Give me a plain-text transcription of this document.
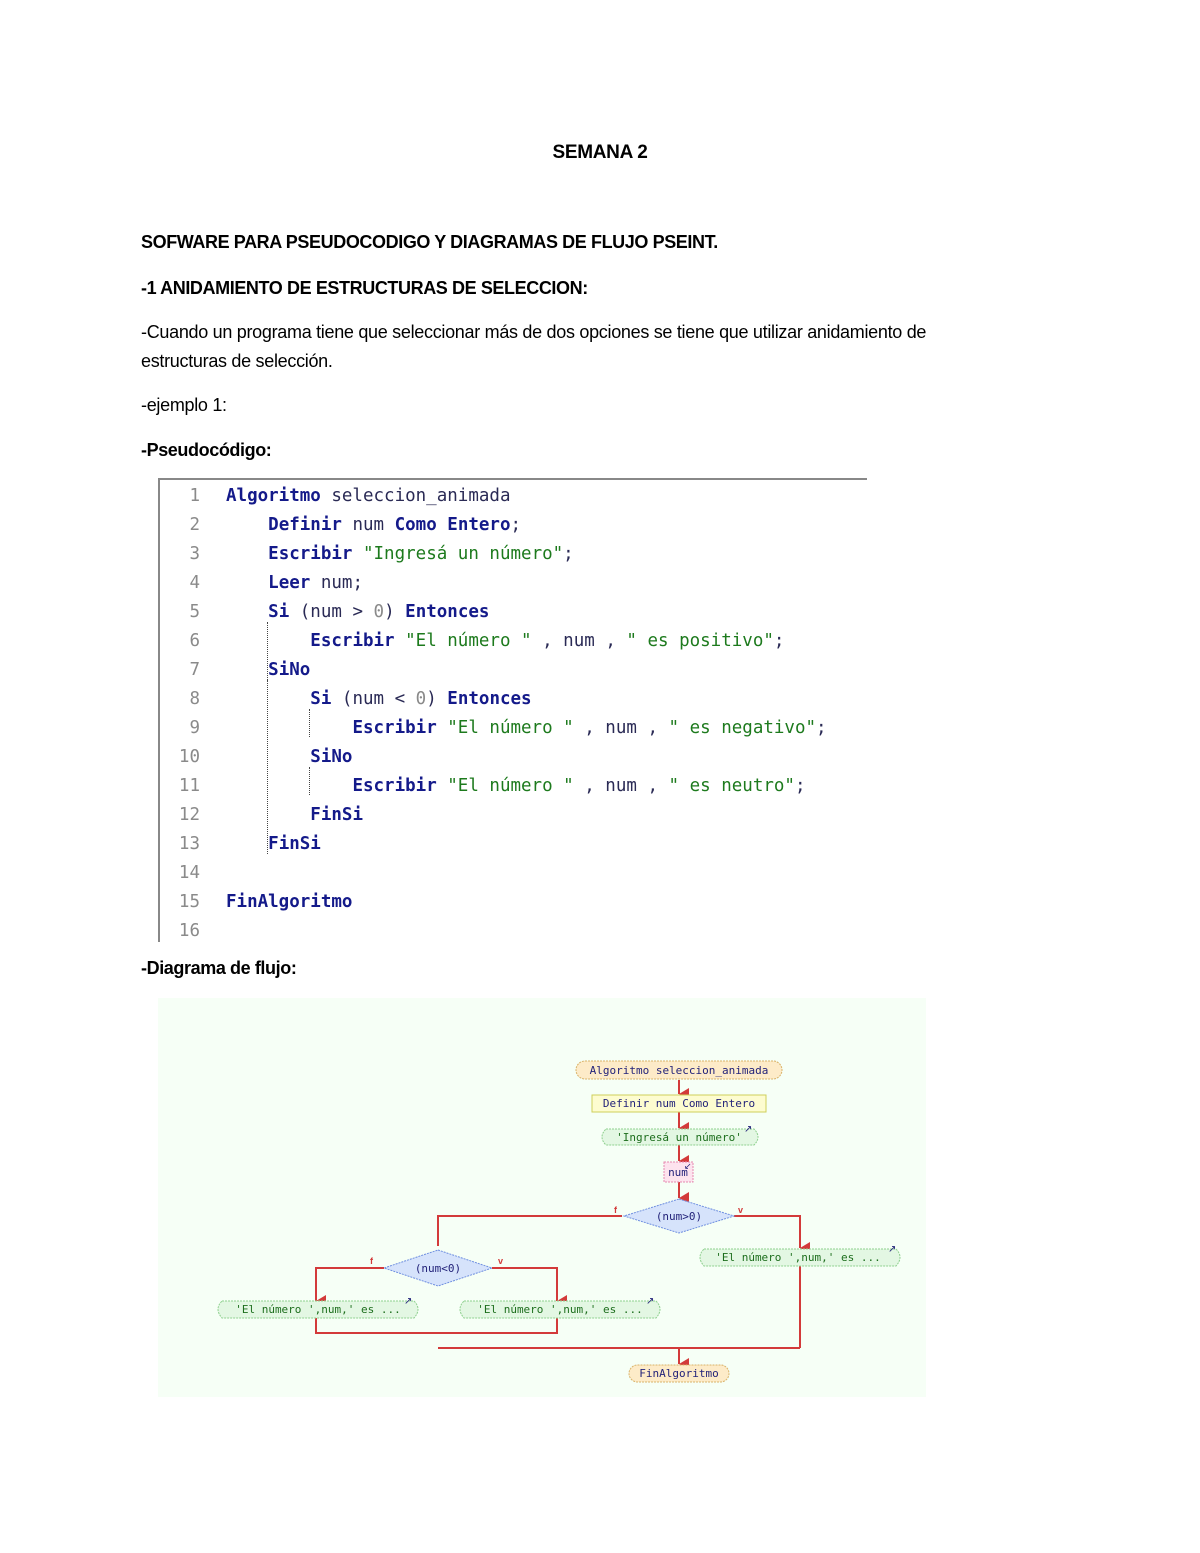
SEMANA 2
SOFWARE PARA PSEUDOCODIGO Y DIAGRAMAS DE FLUJO PSEINT.
-1 ANIDAMIENTO DE ESTRUCTURAS DE SELECCION:
-Cuando un programa tiene que seleccionar más de dos opciones se tiene que utilizar anidamiento de
estructuras de selección.
-ejemplo 1:
-Pseudocódigo:
1 Algoritmo seleccion_animada
2	Definir num Como Entero;
3	Escribir "Ingresá un número";
4	Leer num;
5	Si (num > 0) Entonces
6	Escribir "El número " , num , " es positivo";
7	SiNo
8	Si (num < 0) Entonces
9	Escribir "El número " , num , " es negativo";
10	SiNo
11	Escribir "El número " , num , " es neutro";
12	FinSi
13	FinSi
14
15 FinAlgoritmo
16
-Diagrama de flujo:
Algoritmo seleccion_animada
Definir num Como Entero
'Ingresá un número'
↗
num
↙
(num>0)
f	v
(num<0)
f	v	'El número ',num,' es ...
↗
'El número ',num,' es ...
↗
'El número ',num,' es ...
↗
FinAlgoritmo
